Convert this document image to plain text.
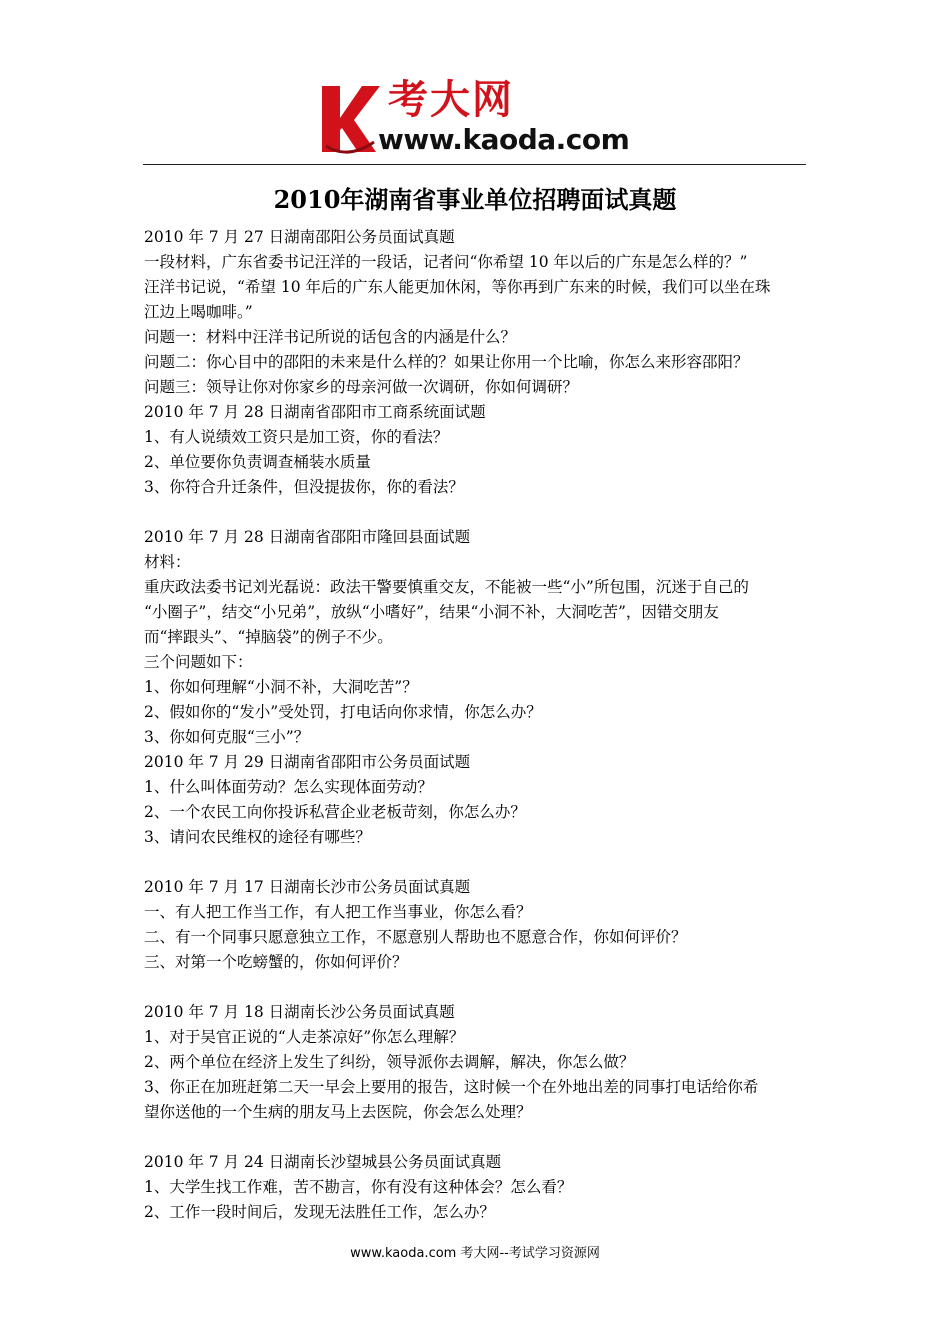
考大网
www.kaoda.com
2010年湖南省事业单位招聘面试真题
2010 年 7 月 27 日湖南邵阳公务员面试真题
一段材料，广东省委书记汪洋的一段话，记者问“你希望 10 年以后的广东是怎么样的？”
汪洋书记说，“希望 10 年后的广东人能更加休闲，等你再到广东来的时候，我们可以坐在珠
江边上喝咖啡。”
问题一：材料中汪洋书记所说的话包含的内涵是什么？
问题二：你心目中的邵阳的未来是什么样的？如果让你用一个比喻，你怎么来形容邵阳？
问题三：领导让你对你家乡的母亲河做一次调研，你如何调研？
2010 年 7 月 28 日湖南省邵阳市工商系统面试题
1、有人说绩效工资只是加工资，你的看法？
2、单位要你负责调查桶装水质量
3、你符合升迁条件，但没提拔你，你的看法？
2010 年 7 月 28 日湖南省邵阳市隆回县面试题
材料：
重庆政法委书记刘光磊说：政法干警要慎重交友，不能被一些“小”所包围，沉迷于自己的
“小圈子”，结交“小兄弟”，放纵“小嗜好”，结果“小洞不补，大洞吃苦”，因错交朋友
而“摔跟头”、“掉脑袋”的例子不少。
三个问题如下：
1、你如何理解“小洞不补，大洞吃苦”？
2、假如你的“发小”受处罚，打电话向你求情，你怎么办？
3、你如何克服“三小”？
2010 年 7 月 29 日湖南省邵阳市公务员面试题
1、什么叫体面劳动？怎么实现体面劳动？
2、一个农民工向你投诉私营企业老板苛刻，你怎么办？
3、请问农民维权的途径有哪些？
2010 年 7 月 17 日湖南长沙市公务员面试真题
一、有人把工作当工作，有人把工作当事业，你怎么看？
二、有一个同事只愿意独立工作，不愿意别人帮助也不愿意合作，你如何评价？
三、对第一个吃螃蟹的，你如何评价？
2010 年 7 月 18 日湖南长沙公务员面试真题
1、对于吴官正说的“人走茶凉好”你怎么理解？
2、两个单位在经济上发生了纠纷，领导派你去调解，解决，你怎么做？
3、你正在加班赶第二天一早会上要用的报告，这时候一个在外地出差的同事打电话给你希
望你送他的一个生病的朋友马上去医院，你会怎么处理？
2010 年 7 月 24 日湖南长沙望城县公务员面试真题
1、大学生找工作难，苦不勘言，你有没有这种体会？怎么看？
2、工作一段时间后，发现无法胜任工作，怎么办？
www.kaoda.com 考大网--考试学习资源网
